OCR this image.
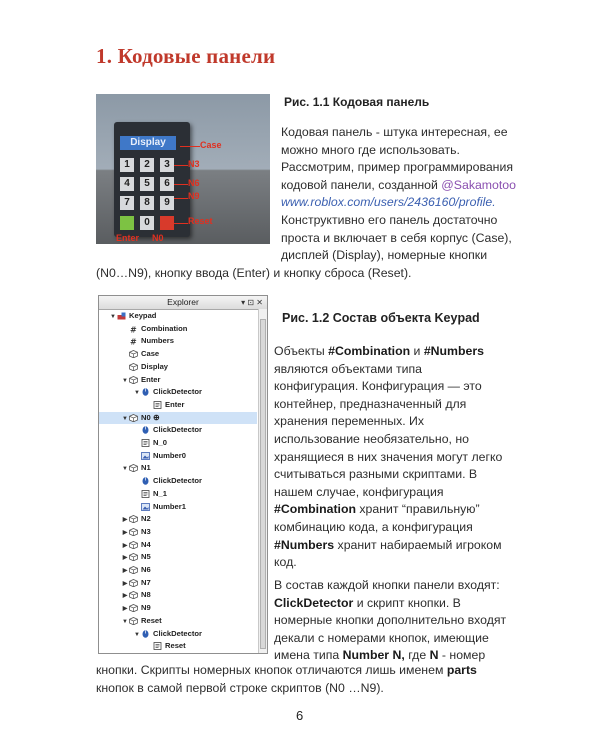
1. Кодовые панели
Display
1	2	3
4	5	6
7	8	9
0
Case
N3
N6
N9
Reset
Enter N0
Рис. 1.1 Кодовая панель
Кодовая панель - штука интересная, ее
можно много где использовать.
Рассмотрим, пример программирования
кодовой панели, созданной @Sakamotoo
www.roblox.com/users/2436160/profile.
Конструктивно его панель достаточно
проста и включает в себя корпус (Case),
дисплей (Display), номерные кнопки
(N0…N9), кнопку ввода (Enter) и кнопку сброса (Reset).
Explorer	▾ ⊡ ✕
▼ Keypad
# Combination
# Numbers
Case
Display
▼ Enter
▼ ClickDetector
Enter
▼ N0 ⊕
ClickDetector
N_0
Number0
▼ N1
ClickDetector
N_1
Number1
▶ N2
▶ N3
▶ N4
▶ N5
▶ N6
▶ N7
▶ N8
▶ N9
▼ Reset
▼ ClickDetector
Reset
Рис. 1.2 Состав объекта Keypad
Объекты #Combination и #Numbers
являются объектами типа
конфигурация. Конфигурация — это
контейнер, предназначенный для
хранения переменных. Их
использование необязательно, но
хранящиеся в них значения могут легко
считываться разными скриптами. В
нашем случае, конфигурация
#Combination хранит “правильную”
комбинацию кода, а конфигурация
#Numbers хранит набираемый игроком
код.
В состав каждой кнопки панели входят:
ClickDetector и скрипт кнопки. В
номерные кнопки дополнительно входят
декали с номерами кнопок, имеющие
имена типа Number N, где N - номер
кнопки. Скрипты номерных кнопок отличаются лишь именем parts
кнопок в самой первой строке скриптов (N0 …N9).
6
